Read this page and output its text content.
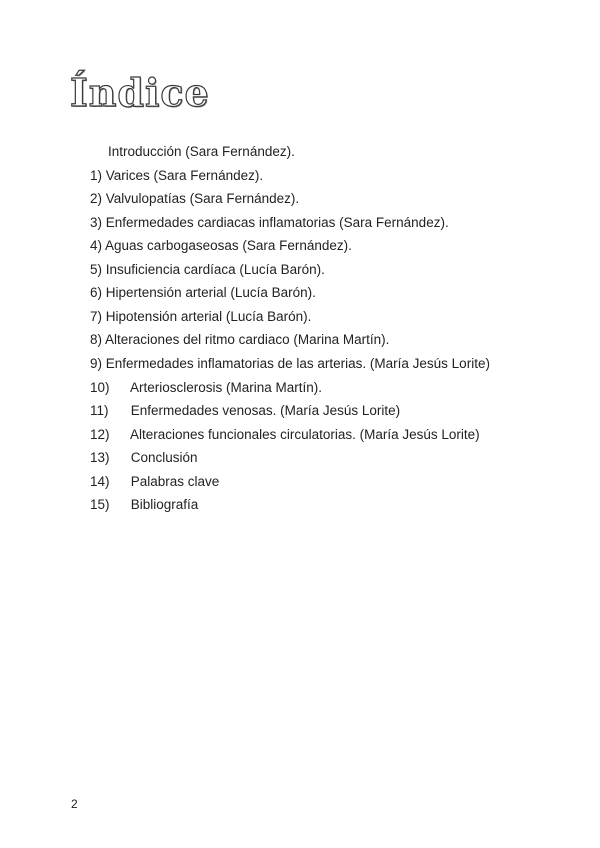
Índice
Introducción (Sara Fernández).
1) Varices (Sara Fernández).
2) Valvulopatías (Sara Fernández).
3) Enfermedades cardiacas inflamatorias (Sara Fernández).
4) Aguas carbogaseosas (Sara Fernández).
5) Insuficiencia cardíaca (Lucía Barón).
6) Hipertensión arterial (Lucía Barón).
7) Hipotensión arterial (Lucía Barón).
8) Alteraciones del ritmo cardiaco (Marina Martín).
9) Enfermedades inflamatorias de las arterias. (María Jesús Lorite)
10) Arteriosclerosis (Marina Martín).
11) Enfermedades venosas. (María Jesús Lorite)
12) Alteraciones funcionales circulatorias. (María Jesús Lorite)
13) Conclusión
14) Palabras clave
15) Bibliografía
2
